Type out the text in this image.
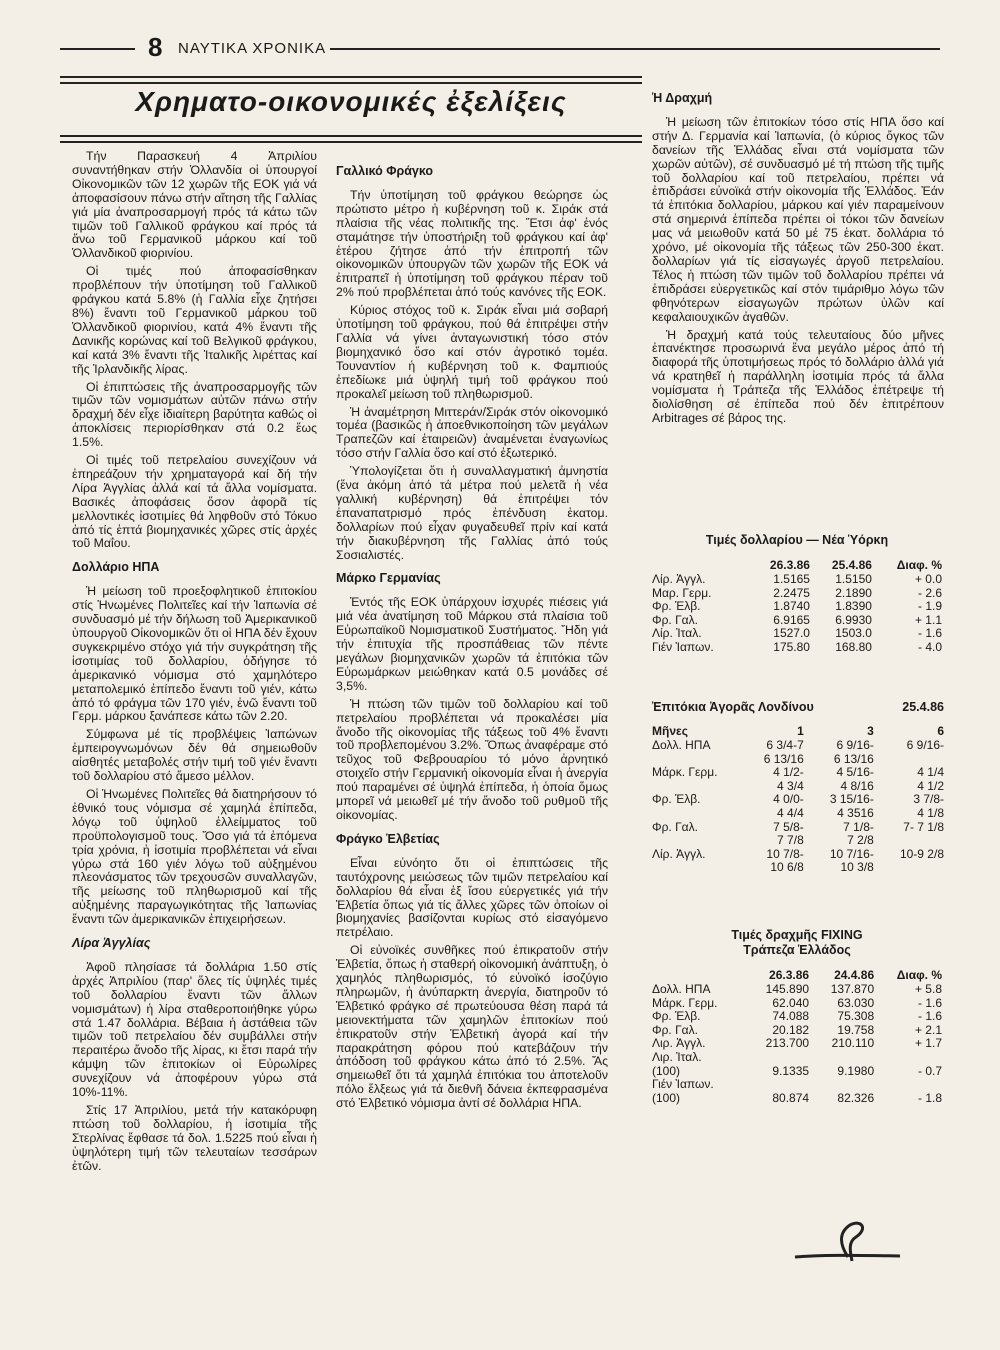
8 ΝΑΥΤΙΚΑ ΧΡΟΝΙΚΑ
Χρηματο-οικονομικές ἐξελίξεις

Τήν Παρασκευή 4 Ἀπριλίου συναντήθηκαν στήν Ὁλλανδία οἱ ὑπουργοί Οἰκονομικῶν τῶν 12 χωρῶν τῆς ΕΟΚ γιά νά ἀποφασίσουν πάνω στήν αἴτηση τῆς Γαλλίας γιά μία ἀναπροσαρμογή πρός τά κάτω τῶν τιμῶν τοῦ Γαλλικοῦ φράγκου καί πρός τά ἄνω τοῦ Γερμανικοῦ μάρκου καί τοῦ Ὁλλανδικοῦ φιορινίου.

Οἱ τιμές πού ἀποφασίσθηκαν προβλέπουν τήν ὑποτίμηση τοῦ Γαλλικοῦ φράγκου κατά 5.8% (ἡ Γαλλία εἶχε ζητήσει 8%) ἔναντι τοῦ Γερμανικοῦ μάρκου τοῦ Ὁλλανδικοῦ φιορινίου, κατά 4% ἔναντι τῆς Δανικῆς κορώνας καί τοῦ Βελγικοῦ φράγκου, καί κατά 3% ἔναντι τῆς Ἰταλικῆς λιρέττας καί τῆς Ἰρλανδικῆς λίρας.

Οἱ ἐπιπτώσεις τῆς ἀναπροσαρμογῆς τῶν τιμῶν τῶν νομισμάτων αὐτῶν πάνω στήν δραχμή δέν εἶχε ἰδιαίτερη βαρύτητα καθώς οἱ ἀποκλίσεις περιορίσθηκαν στά 0.2 ἕως 1.5%.

Οἱ τιμές τοῦ πετρελαίου συνεχίζουν νά ἐπηρεάζουν τήν χρηματαγορά καί δή τήν Λίρα Ἀγγλίας ἀλλά καί τά ἄλλα νομίσματα. Βασικές ἀποφάσεις ὅσον ἀφορᾶ τίς μελλοντικές ἰσοτιμίες θά ληφθοῦν στό Τόκυο ἀπό τίς ἑπτά βιομηχανικές χῶρες στίς ἀρχές τοῦ Μαΐου.

Δολλάριο ΗΠΑ

Ἡ μείωση τοῦ προεξοφλητικοῦ ἐπιτοκίου στίς Ἡνωμένες Πολιτεῖες καί τήν Ἰαπωνία σέ συνδυασμό μέ τήν δήλωση τοῦ Ἀμερικανικοῦ ὑπουργοῦ Οἰκονομικῶν ὅτι οἱ ΗΠΑ δέν ἔχουν συγκεκριμένο στόχο γιά τήν συγκράτηση τῆς ἰσοτιμίας τοῦ δολλαρίου, ὁδήγησε τό ἀμερικανικό νόμισμα στό χαμηλότερο μεταπολεμικό ἐπίπεδο ἔναντι τοῦ γιέν, κάτω ἀπό τό φράγμα τῶν 170 γιέν, ἐνῶ ἔναντι τοῦ Γερμ. μάρκου ξανάπεσε κάτω τῶν 2.20.

Σύμφωνα μέ τίς προβλέψεις Ἰαπώνων ἐμπειρογνωμόνων δέν θά σημειωθοῦν αἰσθητές μεταβολές στήν τιμή τοῦ γιέν ἔναντι τοῦ δολλαρίου στό ἄμεσο μέλλον.

Οἱ Ἡνωμένες Πολιτεῖες θά διατηρήσουν τό ἐθνικό τους νόμισμα σέ χαμηλά ἐπίπεδα, λόγῳ τοῦ ὑψηλοῦ ἐλλείμματος τοῦ προϋπολογισμοῦ τους. Ὅσο γιά τά ἑπόμενα τρία χρόνια, ἡ ἰσοτιμία προβλέπεται νά εἶναι γύρω στά 160 γιέν λόγω τοῦ αὐξημένου πλεονάσματος τῶν τρεχουσῶν συναλλαγῶν, τῆς μείωσης τοῦ πληθωρισμοῦ καί τῆς αὐξημένης παραγωγικότητας τῆς Ἰαπωνίας ἔναντι τῶν ἀμερικανικῶν ἐπιχειρήσεων.

Λίρα Ἀγγλίας

Ἀφοῦ πλησίασε τά δολλάρια 1.50 στίς ἀρχές Ἀπριλίου (παρ' ὅλες τίς ὑψηλές τιμές τοῦ δολλαρίου ἔναντι τῶν ἄλλων νομισμάτων) ἡ λίρα σταθεροποιήθηκε γύρω στά 1.47 δολλάρια. Βέβαια ἡ ἀστάθεια τῶν τιμῶν τοῦ πετρελαίου δέν συμβάλλει στήν περαιτέρω ἄνοδο τῆς λίρας, κι ἔτσι παρά τήν κάμψη τῶν ἐπιτοκίων οἱ Εὐρωλίρες συνεχίζουν νά ἀποφέρουν γύρω στά 10%-11%.

Στίς 17 Ἀπριλίου, μετά τήν κατακόρυφη πτώση τοῦ δολλαρίου, ἡ ἰσοτιμία τῆς Στερλίνας ἔφθασε τά δολ. 1.5225 πού εἶναι ἡ ὑψηλότερη τιμή τῶν τελευταίων τεσσάρων ἐτῶν.

Γαλλικό Φράγκο

Τήν ὑποτίμηση τοῦ φράγκου θεώρησε ὡς πρώτιστο μέτρο ἡ κυβέρνηση τοῦ κ. Σιράκ στά πλαίσια τῆς νέας πολιτικῆς της. Ἔτσι ἀφ' ἑνός σταμάτησε τήν ὑποστήριξη τοῦ φράγκου καί ἀφ' ἑτέρου ζήτησε ἀπό τήν ἐπιτροπή τῶν οἰκονομικῶν ὑπουργῶν τῶν χωρῶν τῆς ΕΟΚ νά ἐπιτραπεῖ ἡ ὑποτίμηση τοῦ φράγκου πέραν τοῦ 2% πού προβλέπεται ἀπό τούς κανόνες τῆς ΕΟΚ.

Κύριος στόχος τοῦ κ. Σιράκ εἶναι μιά σοβαρή ὑποτίμηση τοῦ φράγκου, πού θά ἐπιτρέψει στήν Γαλλία νά γίνει ἀνταγωνιστική τόσο στόν βιομηχανικό ὅσο καί στόν ἀγροτικό τομέα. Τουναντίον ἡ κυβέρνηση τοῦ κ. Φαμπιούς ἐπεδίωκε μιά ὑψηλή τιμή τοῦ φράγκου πού προκαλεῖ μείωση τοῦ πληθωρισμοῦ.

Ἡ ἀναμέτρηση Μιττεράν/Σιράκ στόν οἰκονομικό τομέα (βασικῶς ἡ ἀποεθνικοποίηση τῶν μεγάλων Τραπεζῶν καί ἑταιρειῶν) ἀναμένεται ἐναγωνίως τόσο στήν Γαλλία ὅσο καί στό ἐξωτερικό.

Ὑπολογίζεται ὅτι ἡ συναλλαγματική ἀμνηστία (ἕνα ἀκόμη ἀπό τά μέτρα πού μελετᾶ ἡ νέα γαλλική κυβέρνηση) θά ἐπιτρέψει τόν ἐπαναπατρισμό πρός ἐπένδυση ἑκατομ. δολλαρίων πού εἶχαν φυγαδευθεῖ πρίν καί κατά τήν διακυβέρνηση τῆς Γαλλίας ἀπό τούς Σοσιαλιστές.

Μάρκο Γερμανίας

Ἐντός τῆς ΕΟΚ ὑπάρχουν ἰσχυρές πιέσεις γιά μιά νέα ἀνατίμηση τοῦ Μάρκου στά πλαίσια τοῦ Εὐρωπαϊκοῦ Νομισματικοῦ Συστήματος. Ἤδη γιά τήν ἐπιτυχία τῆς προσπάθειας τῶν πέντε μεγάλων βιομηχανικῶν χωρῶν τά ἐπιτόκια τῶν Εὐρωμάρκων μειώθηκαν κατά 0.5 μονάδες σέ 3,5%.

Ἡ πτώση τῶν τιμῶν τοῦ δολλαρίου καί τοῦ πετρελαίου προβλέπεται νά προκαλέσει μία ἄνοδο τῆς οἰκονομίας τῆς τάξεως τοῦ 4% ἔναντι τοῦ προβλεπομένου 3.2%. Ὅπως ἀναφέραμε στό τεῦχος τοῦ Φεβρουαρίου τό μόνο ἀρνητικό στοιχεῖο στήν Γερμανική οἰκονομία εἶναι ἡ ἀνεργία πού παραμένει σέ ὑψηλά ἐπίπεδα, ἡ ὁποία ὅμως μπορεῖ νά μειωθεῖ μέ τήν ἄνοδο τοῦ ρυθμοῦ τῆς οἰκονομίας.

Φράγκο Ἑλβετίας

Εἶναι εὐνόητο ὅτι οἱ ἐπιπτώσεις τῆς ταυτόχρονης μειώσεως τῶν τιμῶν πετρελαίου καί δολλαρίου θά εἶναι ἐξ ἴσου εὐεργετικές γιά τήν Ἑλβετία ὅπως γιά τίς ἄλλες χῶρες τῶν ὁποίων οἱ βιομηχανίες βασίζονται κυρίως στό εἰσαγόμενο πετρέλαιο.

Οἱ εὐνοϊκές συνθῆκες πού ἐπικρατοῦν στήν Ἑλβετία, ὅπως ἡ σταθερή οἰκονομική ἀνάπτυξη, ὁ χαμηλός πληθωρισμός, τό εὐνοϊκό ἰσοζύγιο πληρωμῶν, ἡ ἀνύπαρκτη ἀνεργία, διατηροῦν τό Ἑλβετικό φράγκο σέ πρωτεύουσα θέση παρά τά μειονεκτήματα τῶν χαμηλῶν ἐπιτοκίων πού ἐπικρατοῦν στήν Ἑλβετική ἀγορά καί τήν παρακράτηση φόρου πού κατεβάζουν τήν ἀπόδοση τοῦ φράγκου κάτω ἀπό τό 2.5%. Ἄς σημειωθεῖ ὅτι τά χαμηλά ἐπιτόκια του ἀποτελοῦν πόλο ἕλξεως γιά τά διεθνῆ δάνεια ἐκπεφρασμένα στό Ἑλβετικό νόμισμα ἀντί σέ δολλάρια ΗΠΑ.

Ἡ Δραχμή

Ἡ μείωση τῶν ἐπιτοκίων τόσο στίς ΗΠΑ ὅσο καί στήν Δ. Γερμανία καί Ἰαπωνία, (ὁ κύριος ὄγκος τῶν δανείων τῆς Ἑλλάδας εἶναι στά νομίσματα τῶν χωρῶν αὐτῶν), σέ συνδυασμό μέ τή πτώση τῆς τιμῆς τοῦ δολλαρίου καί τοῦ πετρελαίου, πρέπει νά ἐπιδράσει εὐνοϊκά στήν οἰκονομία τῆς Ἑλλάδος. Ἐάν τά ἐπιτόκια δολλαρίου, μάρκου καί γιέν παραμείνουν στά σημερινά ἐπίπεδα πρέπει οἱ τόκοι τῶν δανείων μας νά μειωθοῦν κατά 50 μέ 75 ἑκατ. δολλάρια τό χρόνο, μέ οἰκονομία τῆς τάξεως τῶν 250-300 ἑκατ. δολλαρίων γιά τίς εἰσαγωγές ἀργοῦ πετρελαίου. Τέλος ἡ πτώση τῶν τιμῶν τοῦ δολλαρίου πρέπει νά ἐπιδράσει εὐεργετικῶς καί στόν τιμάριθμο λόγω τῶν φθηνότερων εἰσαγωγῶν πρώτων ὑλῶν καί κεφαλαιουχικῶν ἀγαθῶν.

Ἡ δραχμή κατά τούς τελευταίους δύο μῆνες ἐπανέκτησε προσωρινά ἕνα μεγάλο μέρος ἀπό τή διαφορά τῆς ὑποτιμήσεως πρός τό δολλάριο ἀλλά γιά νά κρατηθεῖ ἡ παράλληλη ἰσοτιμία πρός τά ἄλλα νομίσματα ἡ Τράπεζα τῆς Ἑλλάδος ἐπέτρεψε τή διολίσθηση σέ ἐπίπεδα πού δέν ἐπιτρέπουν Arbitrages σέ βάρος της.

Τιμές δολλαρίου — Νέα Ὑόρκη
	26.3.86	25.4.86	Διαφ. %
Λίρ. Ἀγγλ.	1.5165	1.5150	+ 0.0
Μαρ. Γερμ.	2.2475	2.1890	- 2.6
Φρ. Ἑλβ.	1.8740	1.8390	- 1.9
Φρ. Γαλ.	6.9165	6.9930	+ 1.1
Λίρ. Ἰταλ.	1527.0	1503.0	- 1.6
Γιέν Ἰαπων.	175.80	168.80	- 4.0
Ἐπιτόκια Ἀγορᾶς Λονδίνου	25.4.86
Μῆνες	1	3	6
Δολλ. ΗΠΑ	6 3/4-7	6 9/16-	6 9/16-
	6 13/16	6 13/16	
Μάρκ. Γερμ.	4 1/2-	4 5/16-	4 1/4
	4 3/4	4 8/16	4 1/2
Φρ. Ἑλβ.	4 0/0-	3 15/16-	3 7/8-
	4 4/4	4 3516	4 1/8
Φρ. Γαλ.	7 5/8-	7 1/8-	7- 7 1/8
	7 7/8	7 2/8	
Λίρ. Ἀγγλ.	10 7/8-	10 7/16-	10-9 2/8
	10 6/8	10 3/8	
Τιμές δραχμῆς FIXING
Τράπεζα Ἑλλάδος
	26.3.86	24.4.86	Διαφ. %
Δολλ. ΗΠΑ	145.890	137.870	+ 5.8
Μάρκ. Γερμ.	62.040	63.030	- 1.6
Φρ. Ἑλβ.	74.088	75.308	- 1.6
Φρ. Γαλ.	20.182	19.758	+ 2.1
Λιρ. Ἀγγλ.	213.700	210.110	+ 1.7
Λιρ. Ἰταλ.			
(100)	9.1335	9.1980	- 0.7
Γιέν Ἰαπων.			
(100)	80.874	82.326	- 1.8
